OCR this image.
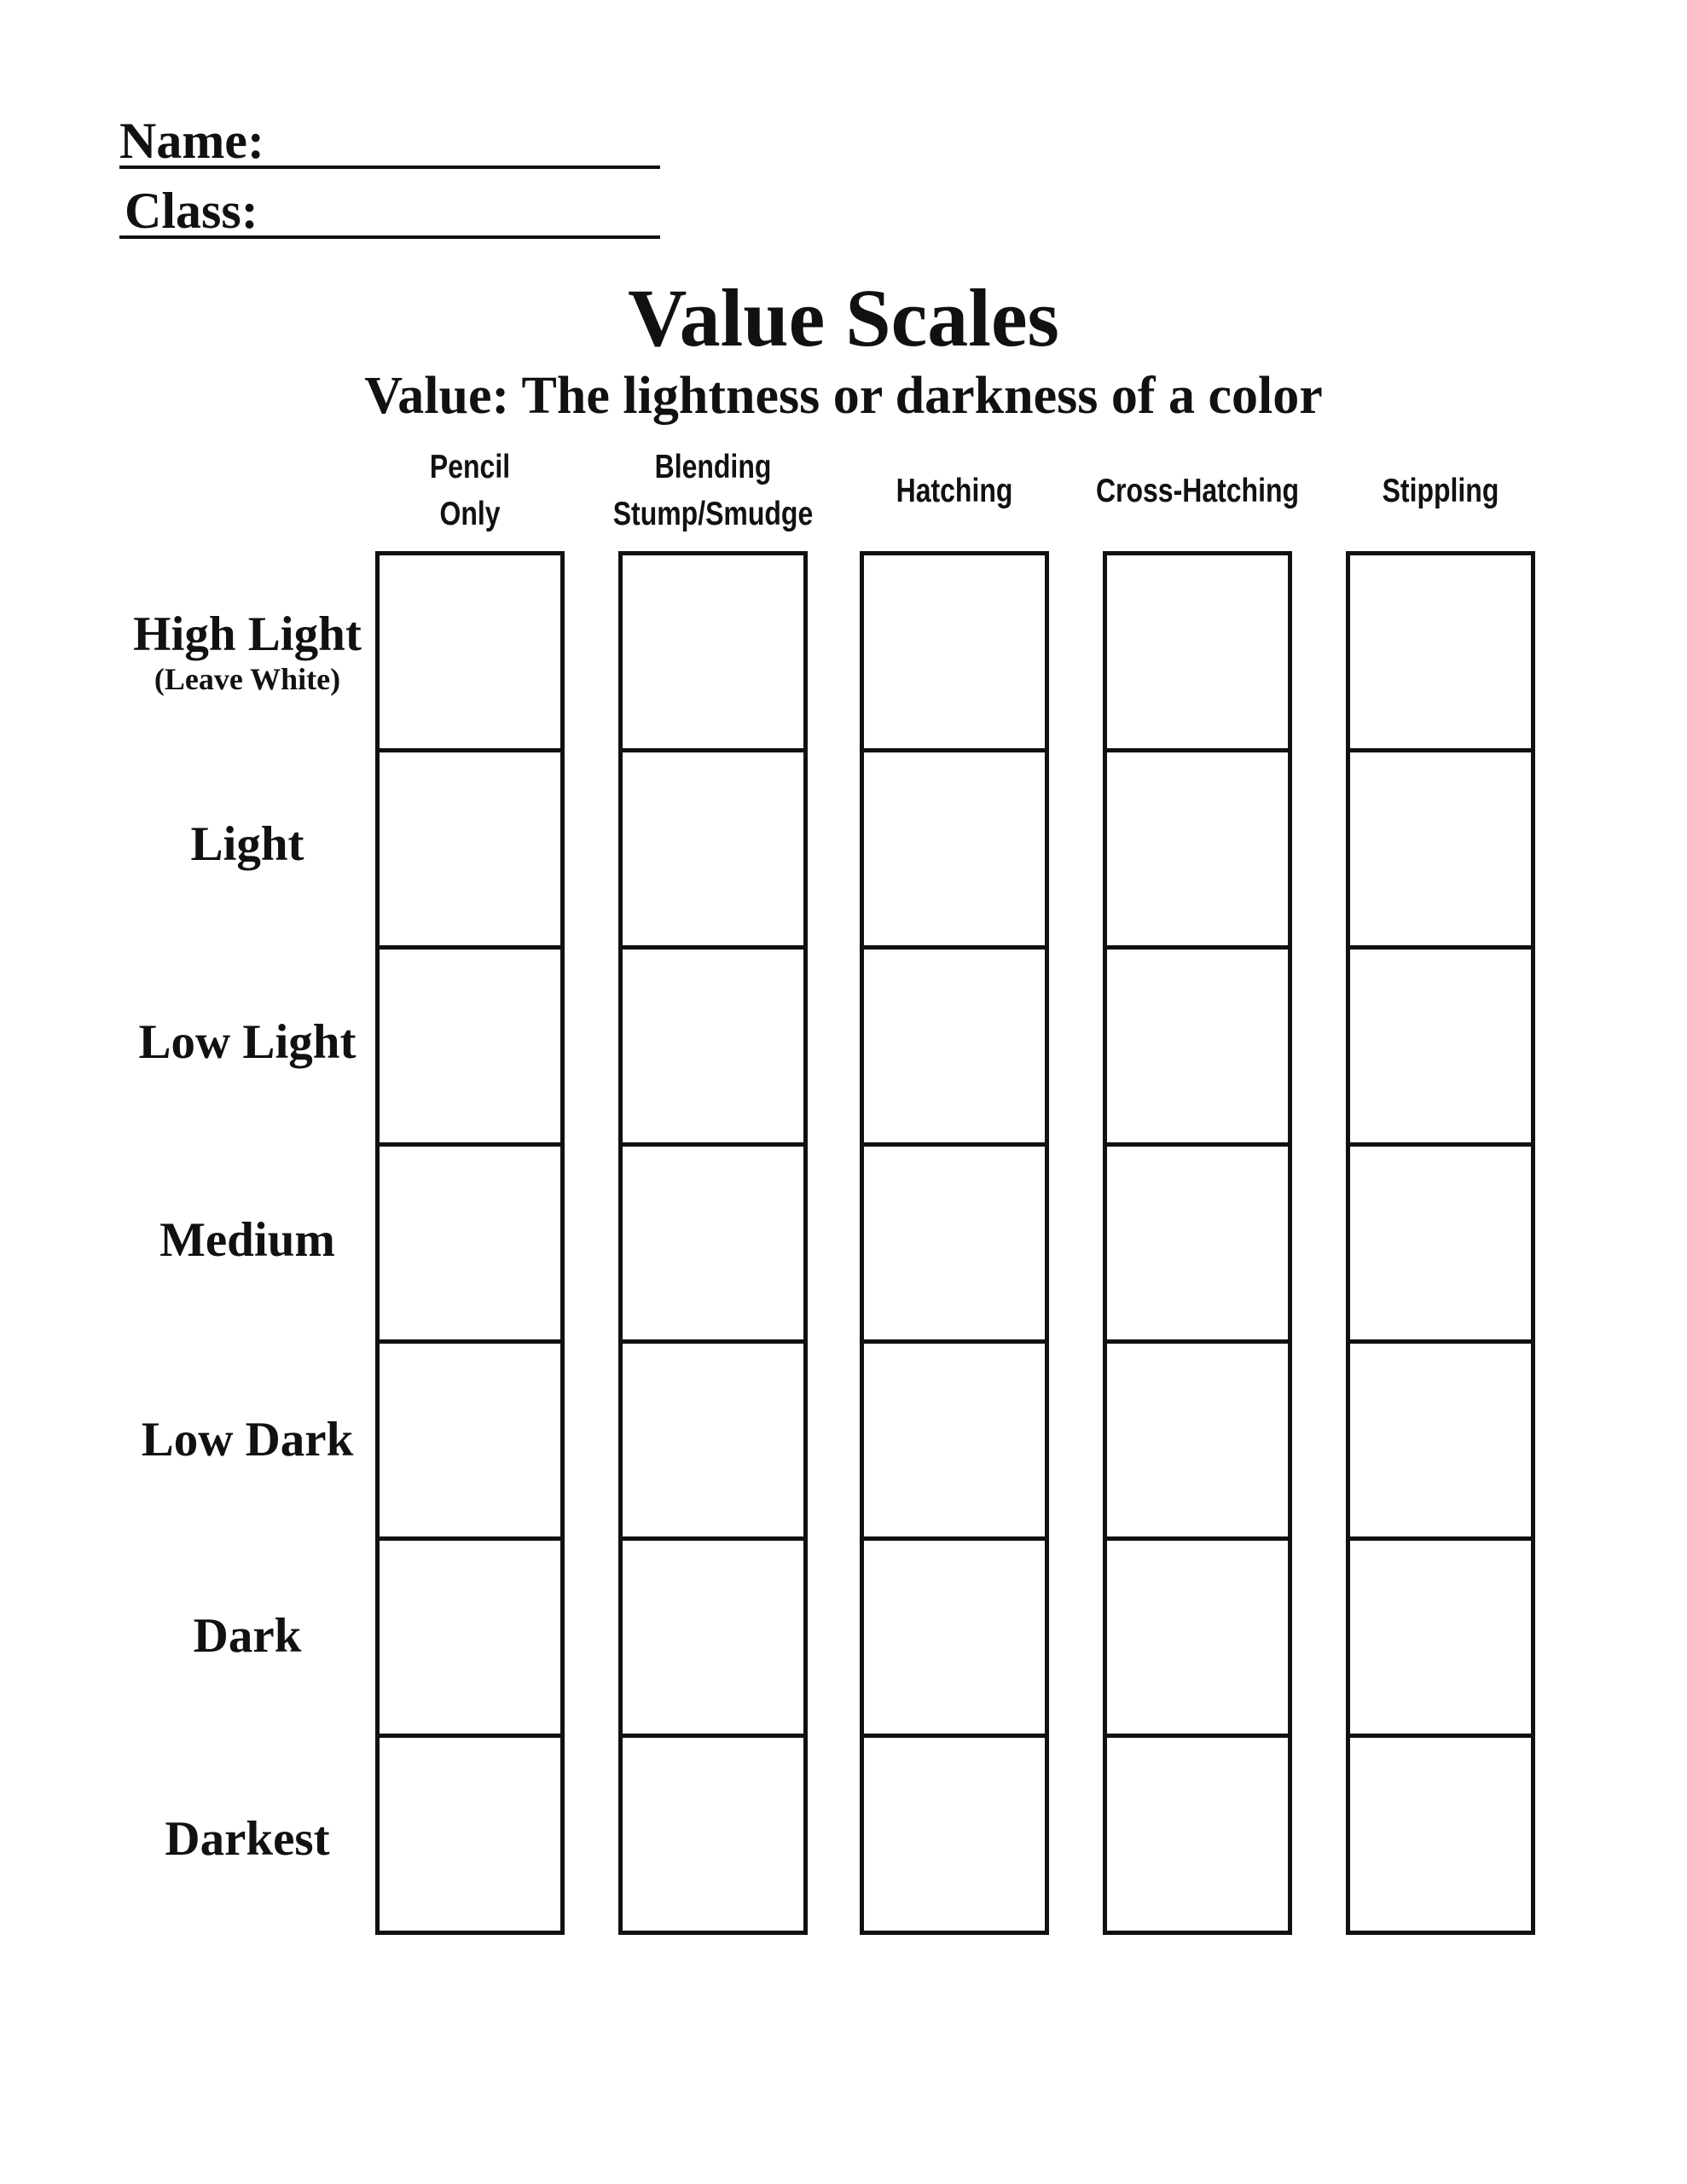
Name:
Class:
Value Scales
Value: The lightness or darkness of a color
Pencil
Only
Blending
Stump/Smudge
Hatching	Cross-Hatching	Stippling
High Light
(Leave White)
Light
Low Light
Medium
Low Dark
Dark
Darkest
